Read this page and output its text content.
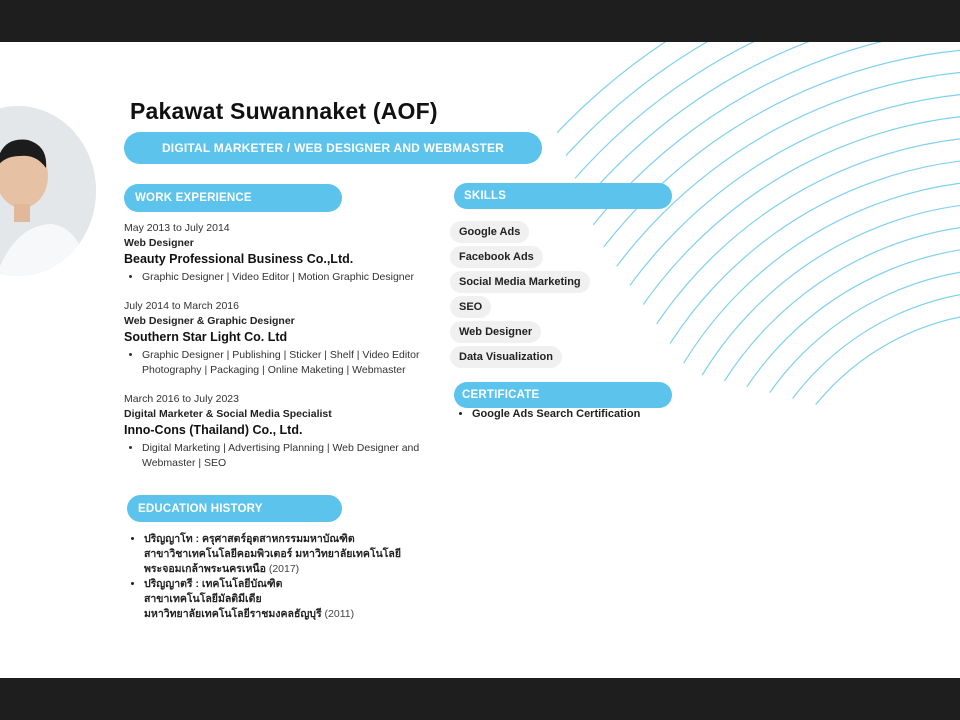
Pakawat Suwannaket (AOF)
DIGITAL MARKETER / WEB DESIGNER AND WEBMASTER
WORK EXPERIENCE
May 2013 to July 2014
Web Designer
Beauty Professional Business Co.,Ltd.
• Graphic Designer | Video Editor | Motion Graphic Designer
July 2014 to March 2016
Web Designer & Graphic Designer
Southern Star Light Co. Ltd
• Graphic Designer | Publishing | Sticker | Shelf | Video Editor Photography | Packaging | Online Maketing | Webmaster
March 2016 to July 2023
Digital Marketer & Social Media Specialist
Inno-Cons (Thailand) Co., Ltd.
• Digital Marketing | Advertising Planning | Web Designer and Webmaster | SEO
SKILLS
Google Ads
Facebook Ads
Social Media Marketing
SEO
Web Designer
Data Visualization
CERTIFICATE
• Google Ads Search Certification
EDUCATION HISTORY
• ปริญญาโท : ครุศาสตร์อุตสาหกรรมมหาบัณฑิต
สาขาวิชาเทคโนโลยีคอมพิวเตอร์ มหาวิทยาลัยเทคโนโลยี
พระจอมเกล้าพระนครเหนือ (2017)
• ปริญญาตรี : เทคโนโลยีบัณฑิต
สาขาเทคโนโลยีมัลติมีเดีย
มหาวิทยาลัยเทคโนโลยีราชมงคลธัญบุรี (2011)
